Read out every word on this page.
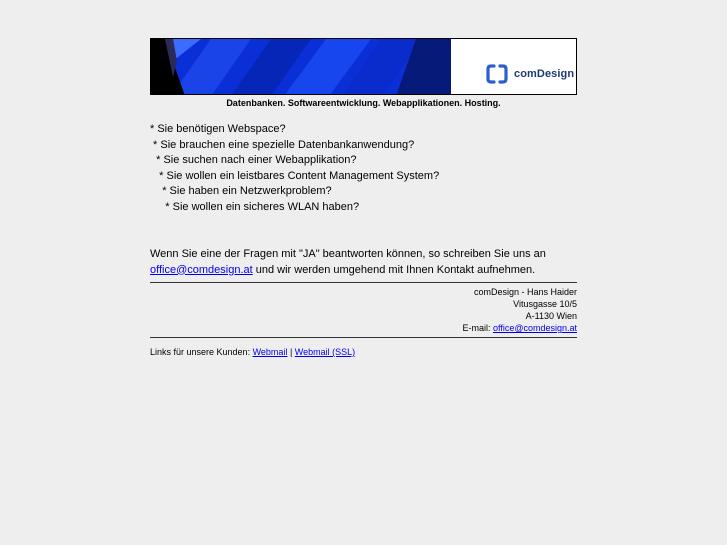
comDesign
Datenbanken. Softwareentwicklung. Webapplikationen. Hosting.
* Sie benötigen Webspace?
* Sie brauchen eine spezielle Datenbankanwendung?
* Sie suchen nach einer Webapplikation?
* Sie wollen ein leistbares Content Management System?
* Sie haben ein Netzwerkproblem?
* Sie wollen ein sicheres WLAN haben?
Wenn Sie eine der Fragen mit "JA" beantworten können, so schreiben Sie uns an
office@comdesign.at und wir werden umgehend mit Ihnen Kontakt aufnehmen.
comDesign - Hans Haider
Vitusgasse 10/5
A-1130 Wien
E-mail: office@comdesign.at
Links für unsere Kunden: Webmail | Webmail (SSL)
